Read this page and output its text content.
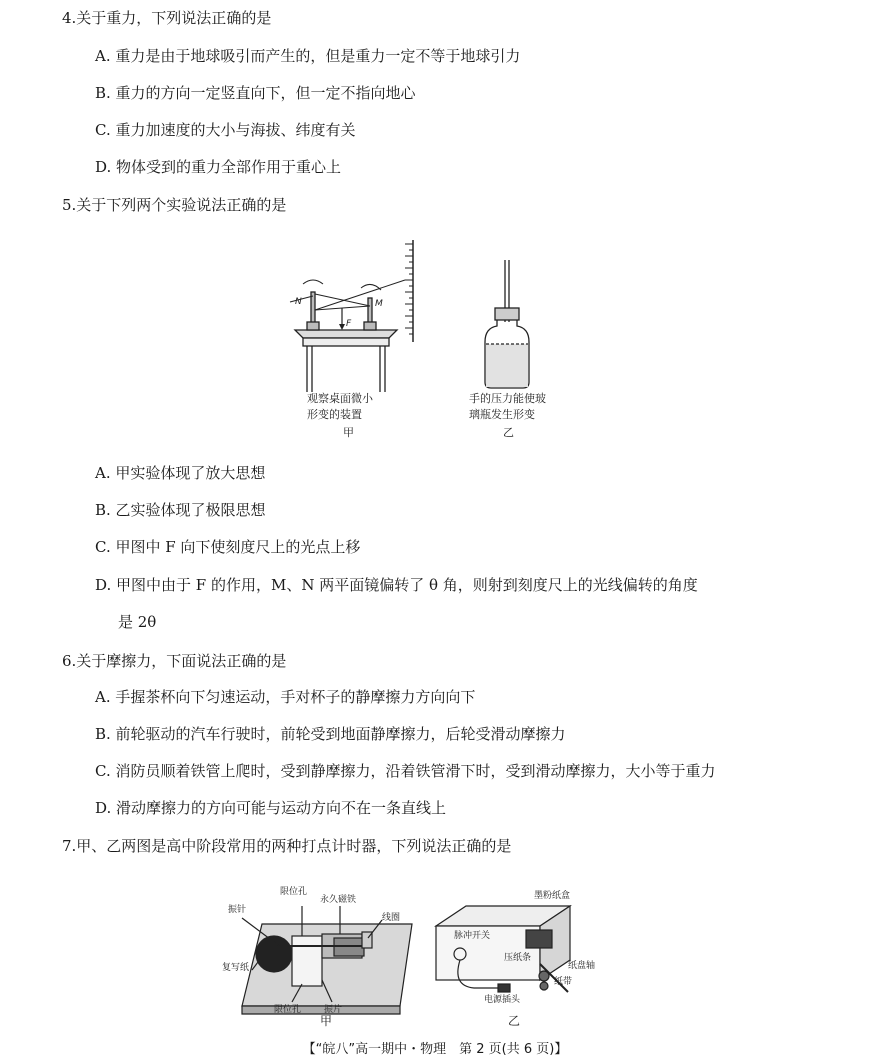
4.关于重力，下列说法正确的是
A. 重力是由于地球吸引而产生的，但是重力一定不等于地球引力
B. 重力的方向一定竖直向下，但一定不指向地心
C. 重力加速度的大小与海拔、纬度有关
D. 物体受到的重力全部作用于重心上
5.关于下列两个实验说法正确的是
N	M
F
观察桌面微小
形变的装置
甲
手的压力能使玻
璃瓶发生形变
乙
A. 甲实验体现了放大思想
B. 乙实验体现了极限思想
C. 甲图中 F 向下使刻度尺上的光点上移
D. 甲图中由于 F 的作用，M、N 两平面镜偏转了 θ 角，则射到刻度尺上的光线偏转的角度
是 2θ
6.关于摩擦力，下面说法正确的是
A. 手握茶杯向下匀速运动，手对杯子的静摩擦力方向向下
B. 前轮驱动的汽车行驶时，前轮受到地面静摩擦力，后轮受滑动摩擦力
C. 消防员顺着铁管上爬时，受到静摩擦力，沿着铁管滑下时，受到滑动摩擦力，大小等于重力
D. 滑动摩擦力的方向可能与运动方向不在一条直线上
7.甲、乙两图是高中阶段常用的两种打点计时器，下列说法正确的是
限位孔
永久磁铁
振针
线圈
复写纸
限位孔	振片
墨粉纸盒
脉冲开关
压纸条
纸盘轴
纸带
电源插头
甲	乙
【“皖八”高一期中・物理　第 2 页(共 6 页)】
